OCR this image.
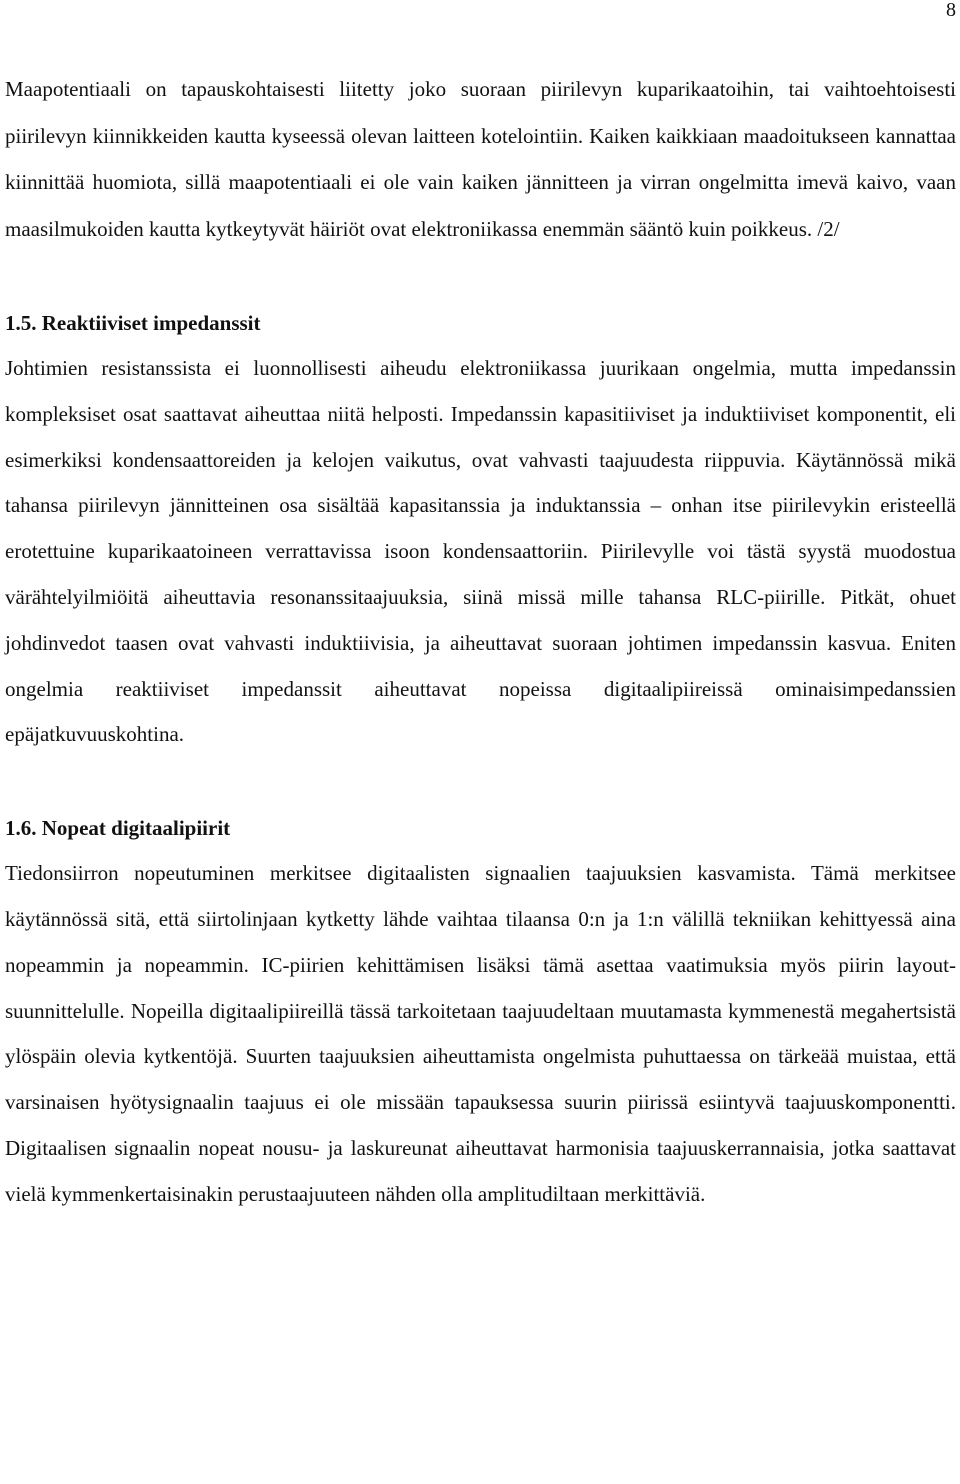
8

Maapotentiaali on tapauskohtaisesti liitetty joko suoraan piirilevyn kuparikaatoihin, tai vaihtoehtoisesti piirilevyn kiinnikkeiden kautta kyseessä olevan laitteen kotelointiin. Kaiken kaikkiaan maadoitukseen kannattaa kiinnittää huomiota, sillä maapotentiaali ei ole vain kaiken jännitteen ja virran ongelmitta imevä kaivo, vaan maasilmukoiden kautta kytkeytyvät häiriöt ovat elektroniikassa enemmän sääntö kuin poikkeus. /2/

1.5. Reaktiiviset impedanssit

Johtimien resistanssista ei luonnollisesti aiheudu elektroniikassa juurikaan ongelmia, mutta impedanssin kompleksiset osat saattavat aiheuttaa niitä helposti. Impedanssin kapasitiiviset ja induktiiviset komponentit, eli esimerkiksi kondensaattoreiden ja kelojen vaikutus, ovat vahvasti taajuudesta riippuvia. Käytännössä mikä tahansa piirilevyn jännitteinen osa sisältää kapasitanssia ja induktanssia – onhan itse piirilevykin eristeellä erotettuine kuparikaatoineen verrattavissa isoon kondensaattoriin. Piirilevylle voi tästä syystä muodostua värähtelyilmiöitä aiheuttavia resonanssitaajuuksia, siinä missä mille tahansa RLC-piirille. Pitkät, ohuet johdinvedot taasen ovat vahvasti induktiivisia, ja aiheuttavat suoraan johtimen impedanssin kasvua. Eniten ongelmia reaktiiviset impedanssit aiheuttavat nopeissa digitaalipiireissä ominaisimpedanssien epäjatkuvuuskohtina.

1.6. Nopeat digitaalipiirit

Tiedonsiirron nopeutuminen merkitsee digitaalisten signaalien taajuuksien kasvamista. Tämä merkitsee käytännössä sitä, että siirtolinjaan kytketty lähde vaihtaa tilaansa 0:n ja 1:n välillä tekniikan kehittyessä aina nopeammin ja nopeammin. IC-piirien kehittämisen lisäksi tämä asettaa vaatimuksia myös piirin layout-suunnittelulle. Nopeilla digitaalipiireillä tässä tarkoitetaan taajuudeltaan muutamasta kymmenestä megahertsistä ylöspäin olevia kytkentöjä. Suurten taajuuksien aiheuttamista ongelmista puhuttaessa on tärkeää muistaa, että varsinaisen hyötysignaalin taajuus ei ole missään tapauksessa suurin piirissä esiintyvä taajuuskomponentti. Digitaalisen signaalin nopeat nousu- ja laskureunat aiheuttavat harmonisia taajuuskerrannaisia, jotka saattavat vielä kymmenkertaisinakin perustaajuuteen nähden olla amplitudiltaan merkittäviä.
